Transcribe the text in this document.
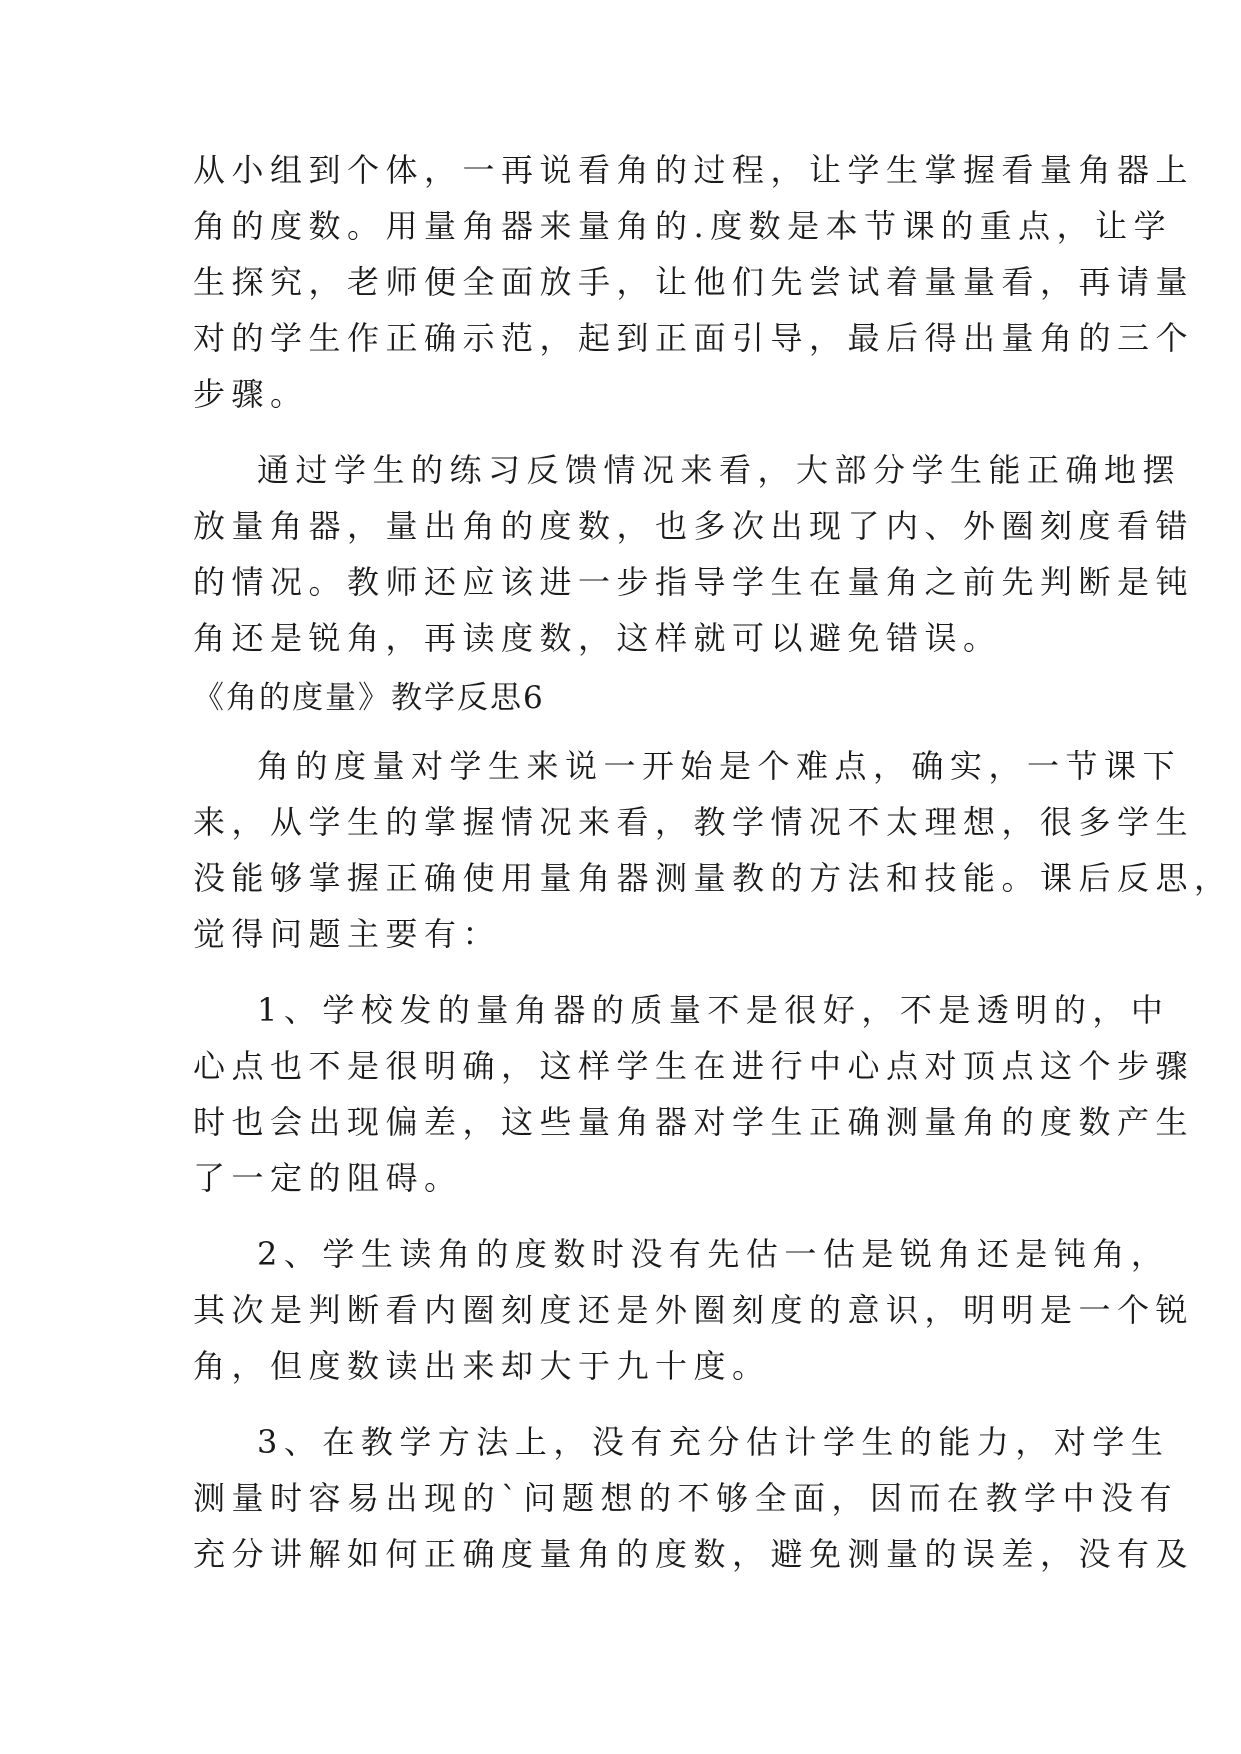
从小组到个体，一再说看角的过程，让学生掌握看量角器上
角的度数。用量角器来量角的.度数是本节课的重点，让学
生探究，老师便全面放手，让他们先尝试着量量看，再请量
对的学生作正确示范，起到正面引导，最后得出量角的三个
步骤。
通过学生的练习反馈情况来看，大部分学生能正确地摆
放量角器，量出角的度数，也多次出现了内、外圈刻度看错
的情况。教师还应该进一步指导学生在量角之前先判断是钝
角还是锐角，再读度数，这样就可以避免错误。
《角的度量》教学反思6
角的度量对学生来说一开始是个难点，确实，一节课下
来，从学生的掌握情况来看，教学情况不太理想，很多学生
没能够掌握正确使用量角器测量教的方法和技能。课后反思，
觉得问题主要有：
1、学校发的量角器的质量不是很好，不是透明的，中
心点也不是很明确，这样学生在进行中心点对顶点这个步骤
时也会出现偏差，这些量角器对学生正确测量角的度数产生
了一定的阻碍。
2、学生读角的度数时没有先估一估是锐角还是钝角，
其次是判断看内圈刻度还是外圈刻度的意识，明明是一个锐
角，但度数读出来却大于九十度。
3、在教学方法上，没有充分估计学生的能力，对学生
测量时容易出现的`问题想的不够全面，因而在教学中没有
充分讲解如何正确度量角的度数，避免测量的误差，没有及
